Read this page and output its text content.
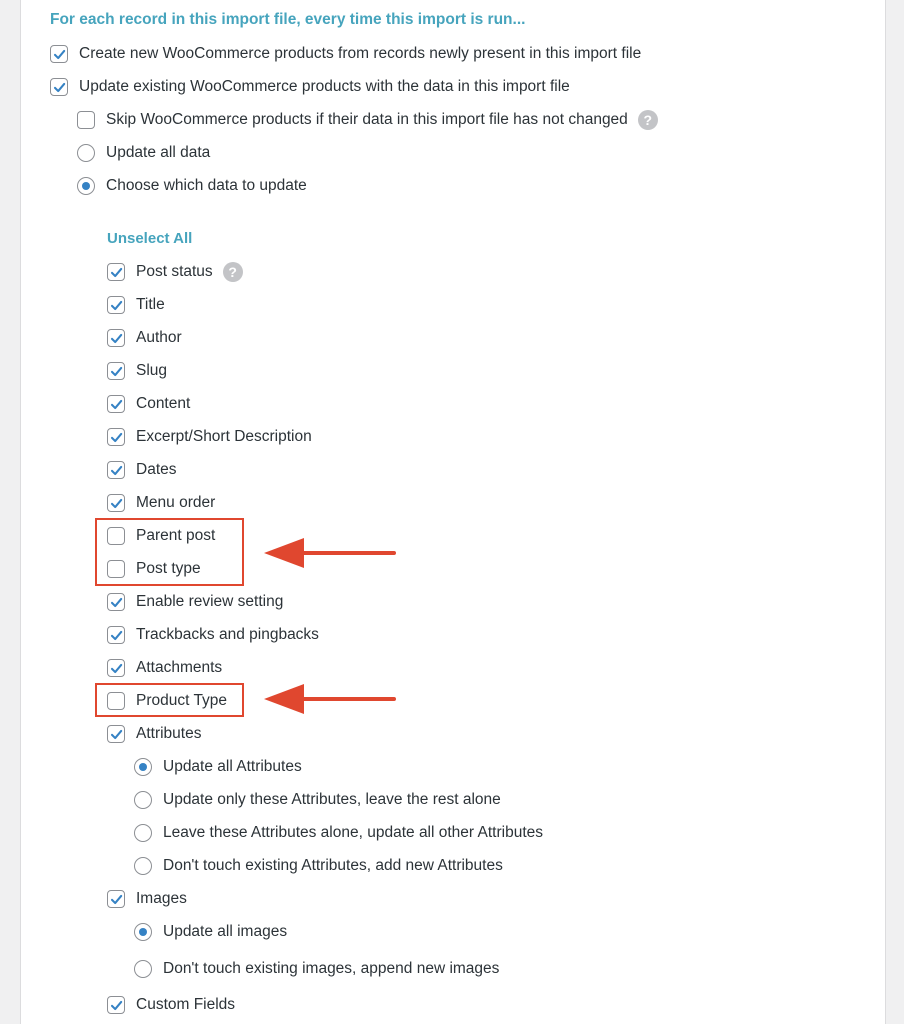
For each record in this import file, every time this import is run...
Create new WooCommerce products from records newly present in this import file
Update existing WooCommerce products with the data in this import file
Skip WooCommerce products if their data in this import file has not changed	?
Update all data
Choose which data to update
Unselect All
Post status	?
Title
Author
Slug
Content
Excerpt/Short Description
Dates
Menu order
Parent post
Post type
Enable review setting
Trackbacks and pingbacks
Attachments
Product Type
Attributes
Update all Attributes
Update only these Attributes, leave the rest alone
Leave these Attributes alone, update all other Attributes
Don't touch existing Attributes, add new Attributes
Images
Update all images
Don't touch existing images, append new images
Custom Fields
